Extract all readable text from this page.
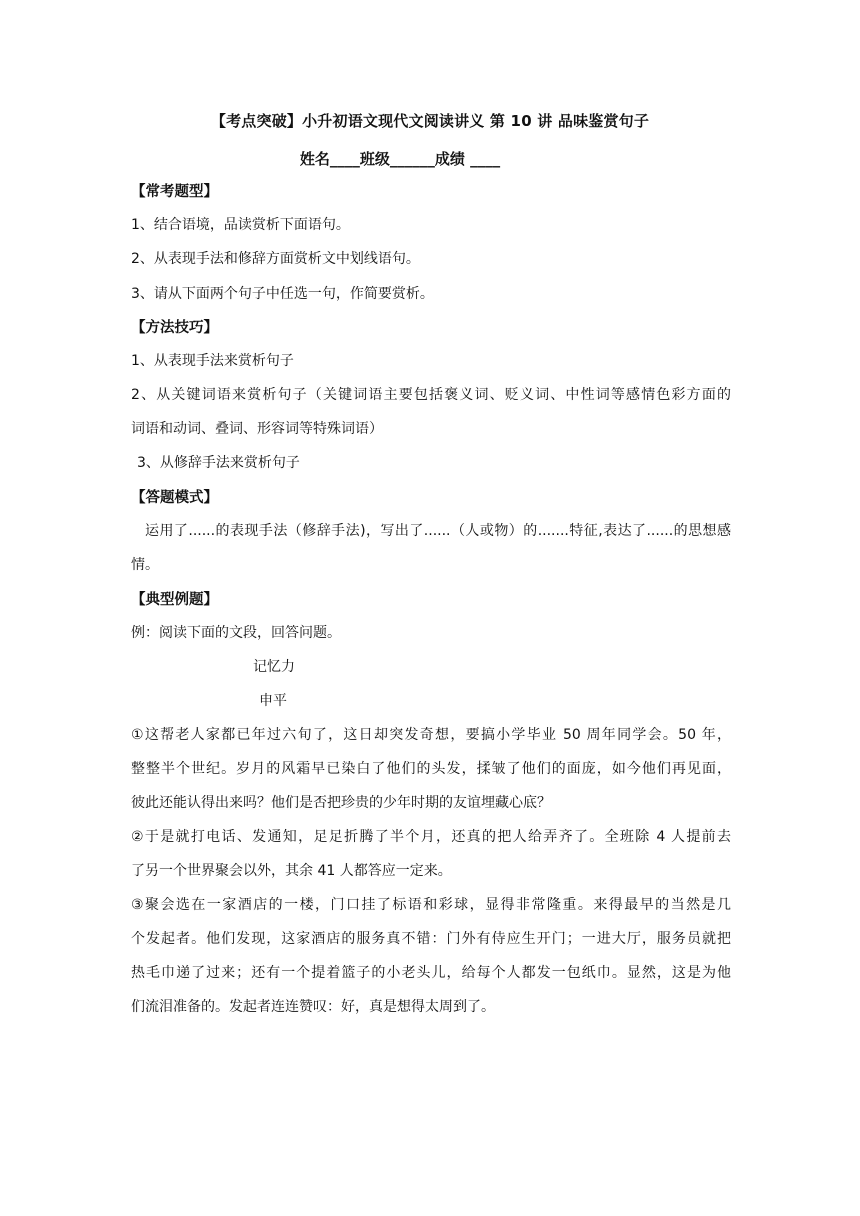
【考点突破】小升初语文现代文阅读讲义 第 10 讲 品味鉴赏句子
姓名____班级______成绩 ____
【常考题型】
1、结合语境，品读赏析下面语句。
2、从表现手法和修辞方面赏析文中划线语句。
3、请从下面两个句子中任选一句，作简要赏析。
【方法技巧】
1、从表现手法来赏析句子
2、从关键词语来赏析句子（关键词语主要包括褒义词、贬义词、中性词等感情色彩方面的
词语和动词、叠词、形容词等特殊词语）
3、从修辞手法来赏析句子
【答题模式】
运用了......的表现手法（修辞手法)，写出了......（人或物）的.......特征,表达了......的思想感
情。
【典型例题】
例：阅读下面的文段，回答问题。
记忆力
申平
①这帮老人家都已年过六旬了，这日却突发奇想，要搞小学毕业 50 周年同学会。50 年，
整整半个世纪。岁月的风霜早已染白了他们的头发，揉皱了他们的面庞，如今他们再见面，
彼此还能认得出来吗？他们是否把珍贵的少年时期的友谊埋藏心底？
②于是就打电话、发通知，足足折腾了半个月，还真的把人给弄齐了。全班除 4 人提前去
了另一个世界聚会以外，其余 41 人都答应一定来。
③聚会选在一家酒店的一楼，门口挂了标语和彩球，显得非常隆重。来得最早的当然是几
个发起者。他们发现，这家酒店的服务真不错：门外有侍应生开门；一进大厅，服务员就把
热毛巾递了过来；还有一个提着篮子的小老头儿，给每个人都发一包纸巾。显然，这是为他
们流泪准备的。发起者连连赞叹：好，真是想得太周到了。
